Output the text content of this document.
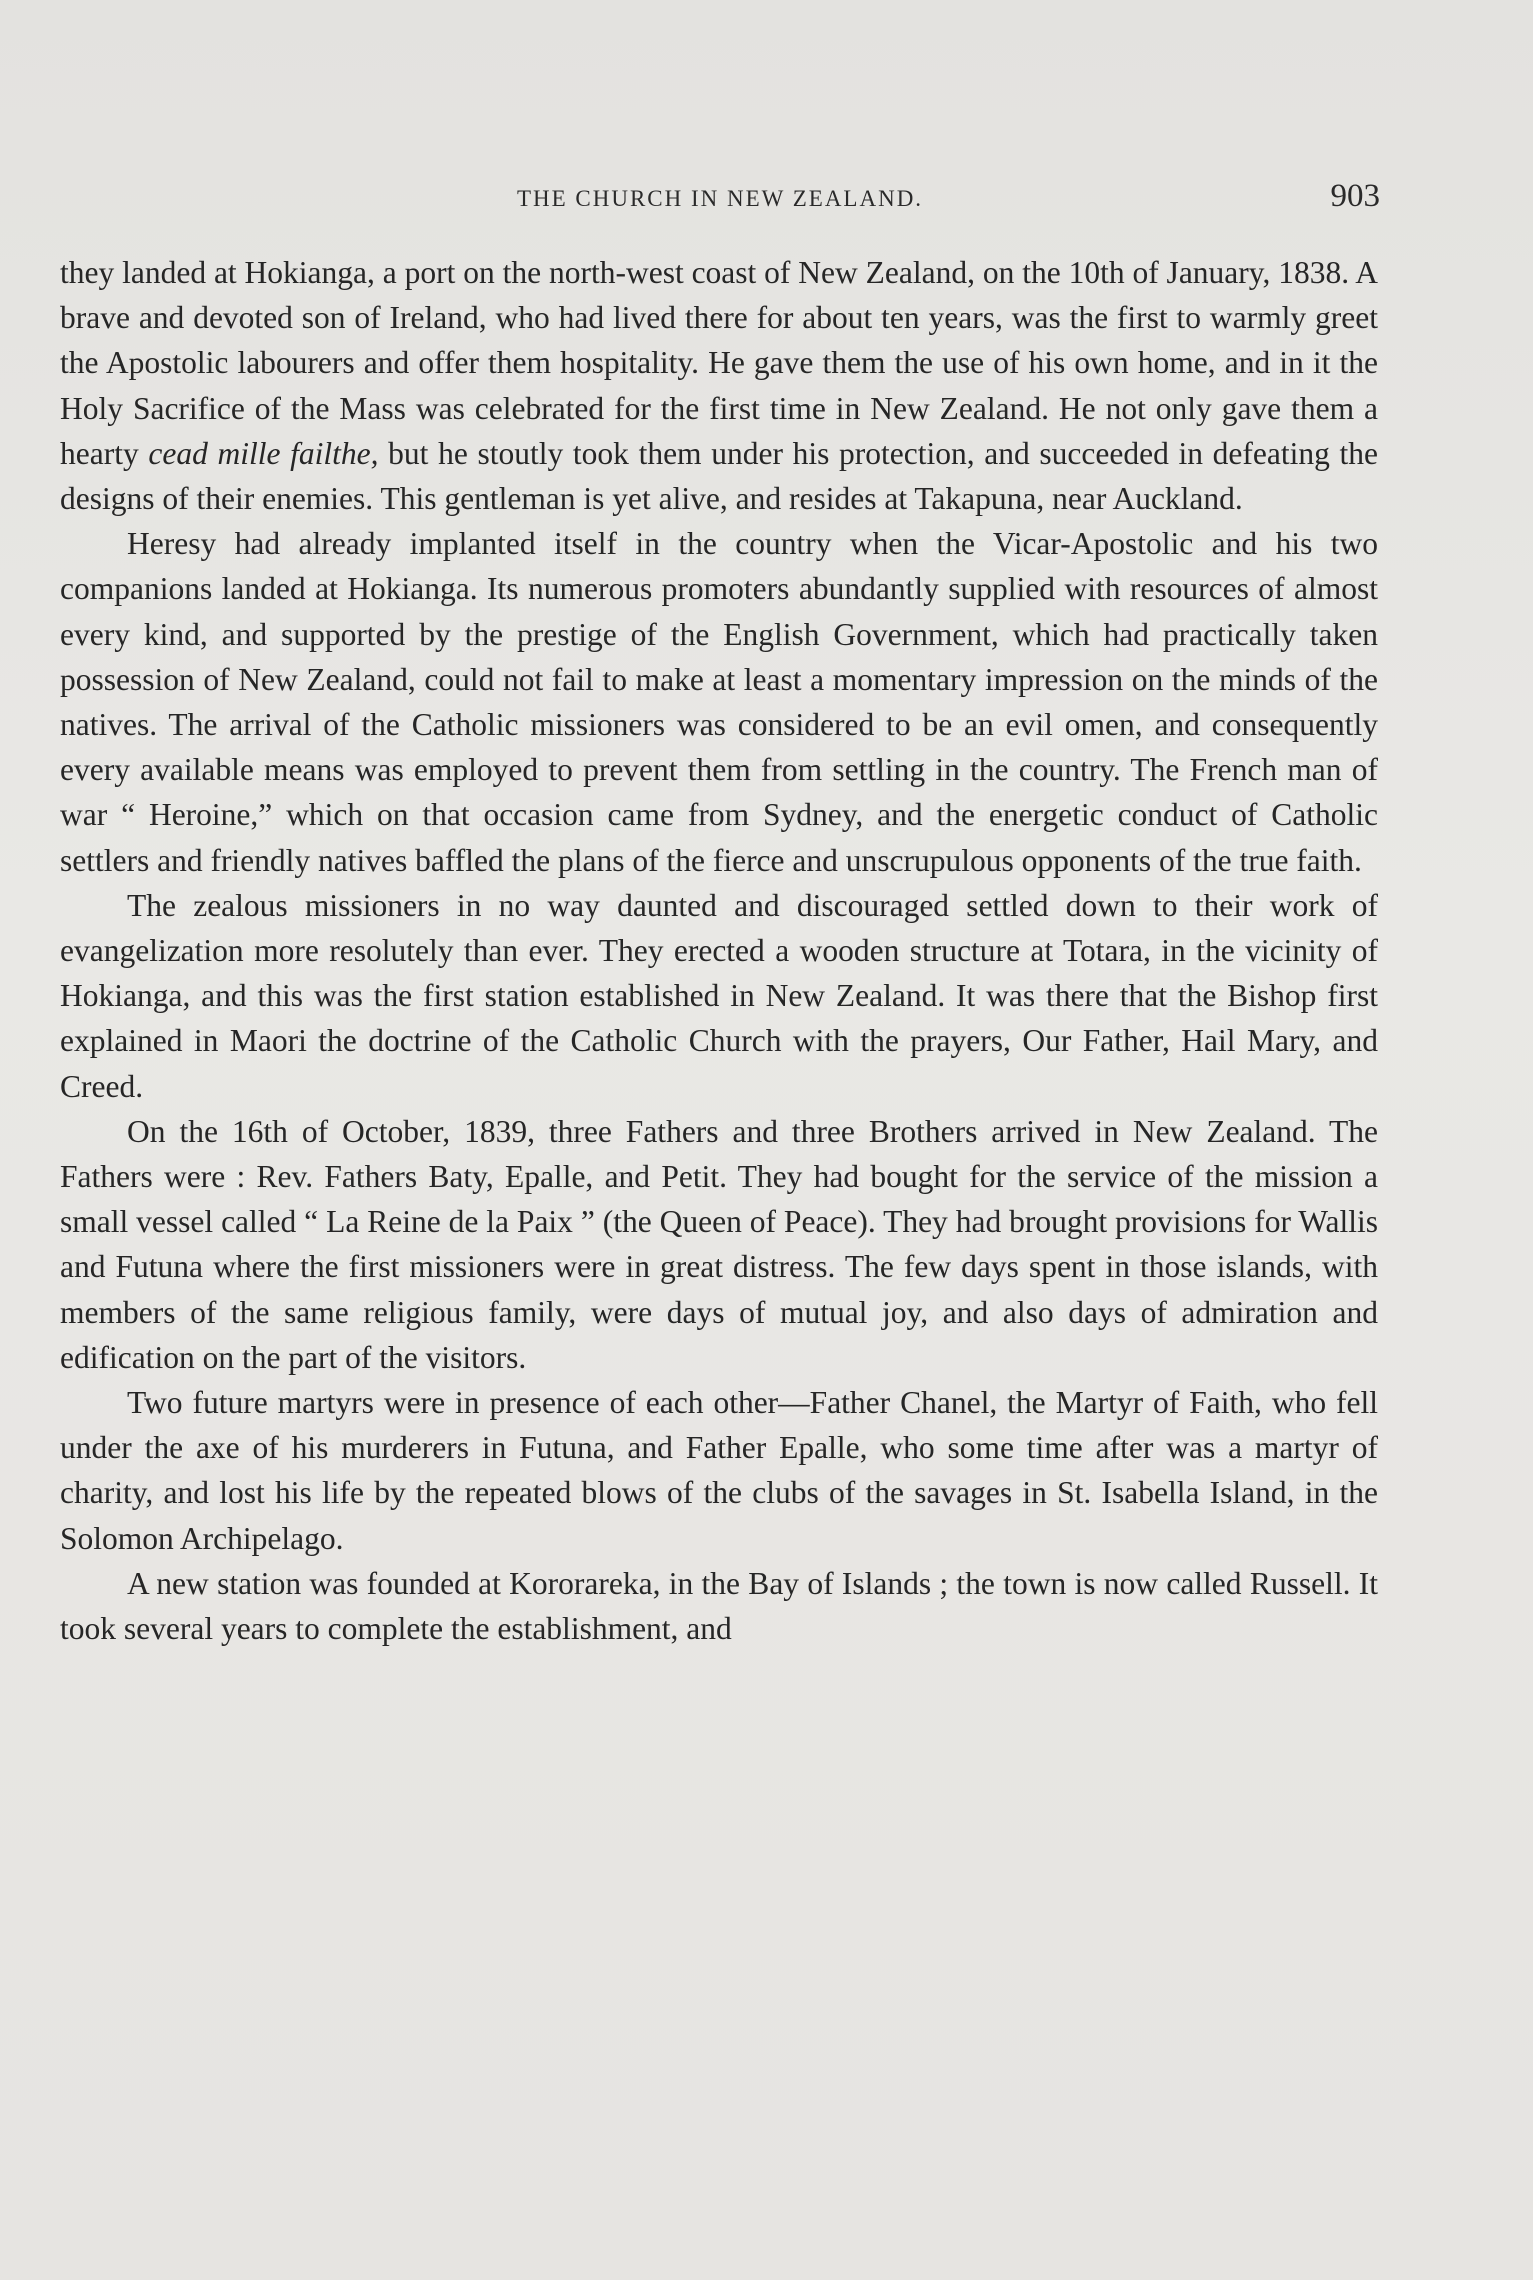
THE CHURCH IN NEW ZEALAND.	903

they landed at Hokianga, a port on the north-west coast of New Zealand, on the 10th of January, 1838. A brave and devoted son of Ireland, who had lived there for about ten years, was the first to warmly greet the Apostolic labourers and offer them hospitality. He gave them the use of his own home, and in it the Holy Sacrifice of the Mass was celebrated for the first time in New Zealand. He not only gave them a hearty cead mille failthe, but he stoutly took them under his protection, and succeeded in defeating the designs of their enemies. This gentleman is yet alive, and resides at Takapuna, near Auckland.

Heresy had already implanted itself in the country when the Vicar-Apostolic and his two companions landed at Hokianga. Its numerous promoters abundantly supplied with resources of almost every kind, and supported by the prestige of the English Government, which had practically taken possession of New Zealand, could not fail to make at least a momentary impression on the minds of the natives. The arrival of the Catholic missioners was considered to be an evil omen, and consequently every available means was employed to prevent them from settling in the country. The French man of war “ Heroine,” which on that occasion came from Sydney, and the energetic conduct of Catholic settlers and friendly natives baffled the plans of the fierce and unscrupulous opponents of the true faith.

The zealous missioners in no way daunted and discouraged settled down to their work of evangelization more resolutely than ever. They erected a wooden structure at Totara, in the vicinity of Hokianga, and this was the first station established in New Zealand. It was there that the Bishop first explained in Maori the doctrine of the Catholic Church with the prayers, Our Father, Hail Mary, and Creed.

On the 16th of October, 1839, three Fathers and three Brothers arrived in New Zealand. The Fathers were : Rev. Fathers Baty, Epalle, and Petit. They had bought for the service of the mission a small vessel called “ La Reine de la Paix ” (the Queen of Peace). They had brought provisions for Wallis and Futuna where the first missioners were in great distress. The few days spent in those islands, with members of the same religious family, were days of mutual joy, and also days of admiration and edification on the part of the visitors.

Two future martyrs were in presence of each other—Father Chanel, the Martyr of Faith, who fell under the axe of his murderers in Futuna, and Father Epalle, who some time after was a martyr of charity, and lost his life by the repeated blows of the clubs of the savages in St. Isabella Island, in the Solomon Archipelago.

A new station was founded at Kororareka, in the Bay of Islands ; the town is now called Russell. It took several years to complete the establishment, and
